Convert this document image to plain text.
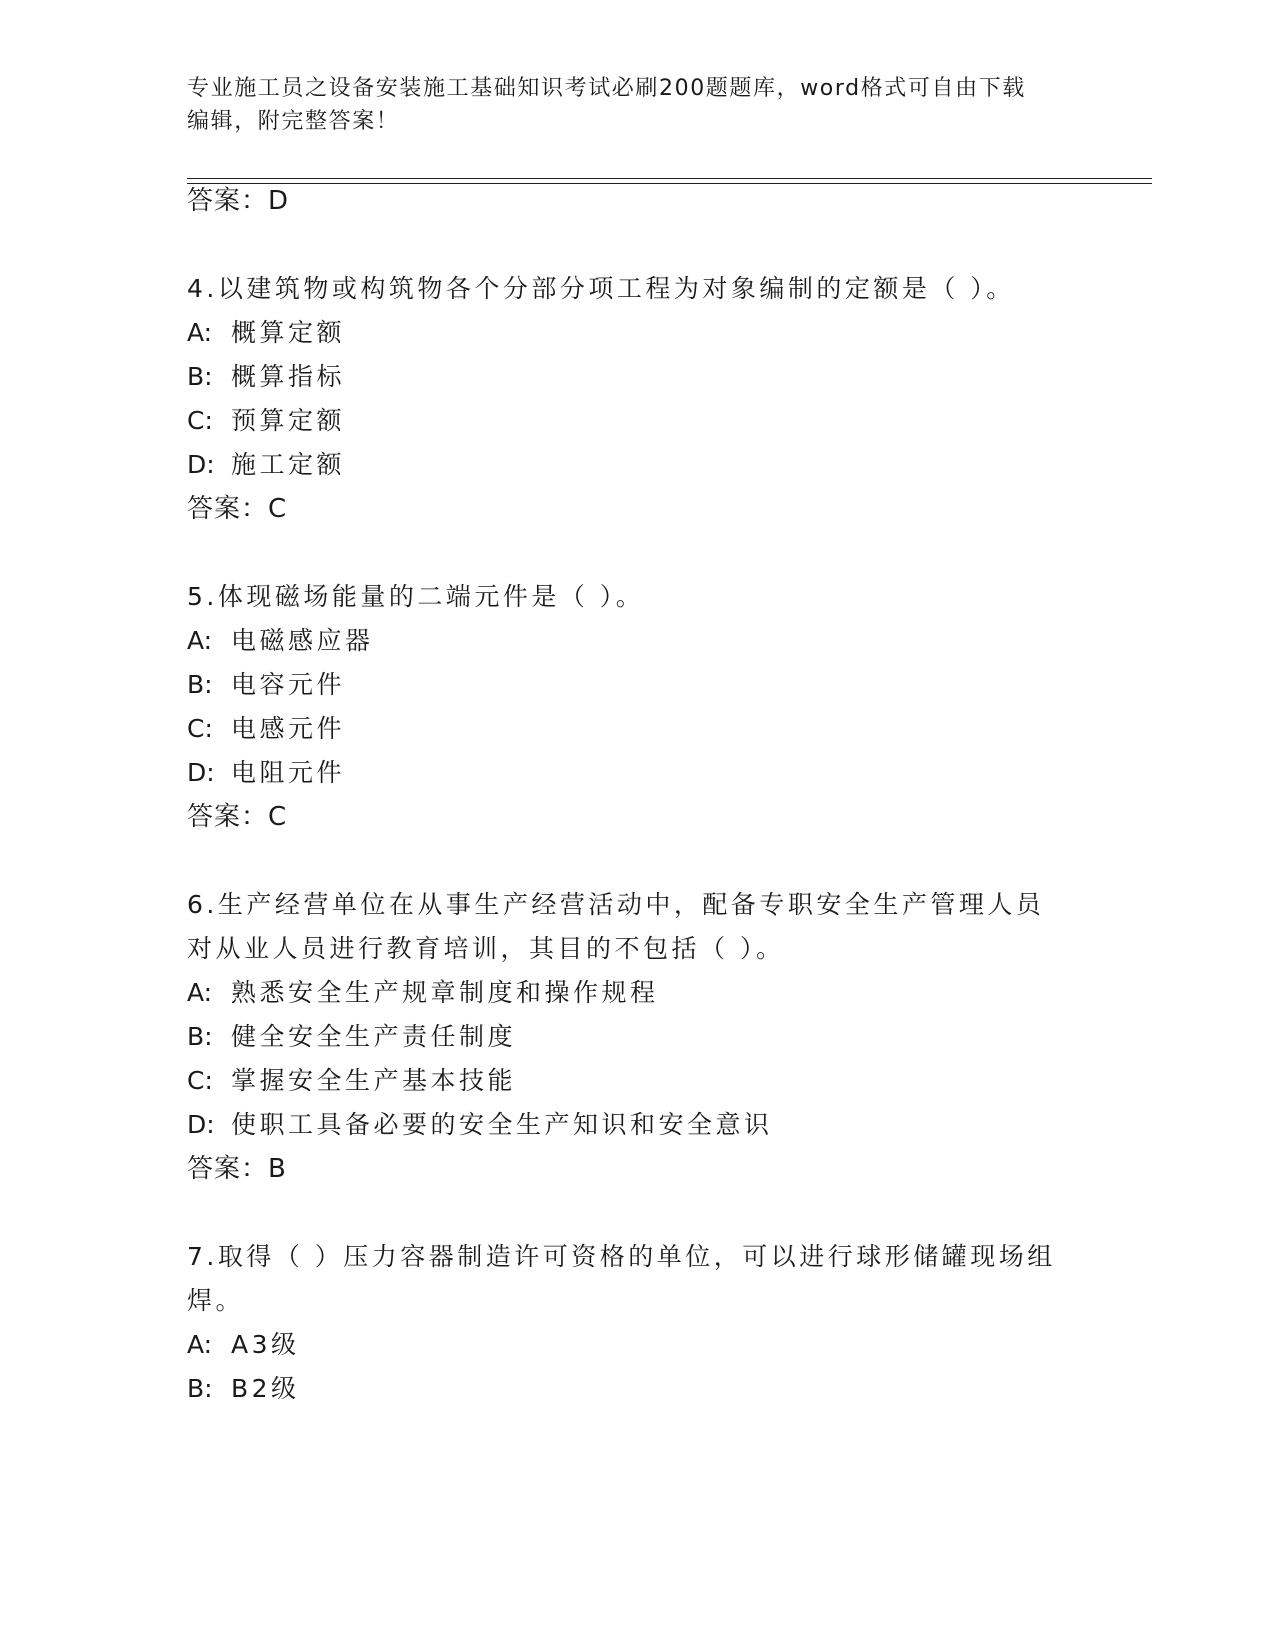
专业施工员之设备安装施工基础知识考试必刷200题题库，word格式可自由下载
编辑，附完整答案！
答案：D
4.以建筑物或构筑物各个分部分项工程为对象编制的定额是（ ）。
A: 概算定额
B: 概算指标
C: 预算定额
D: 施工定额
答案：C
5.体现磁场能量的二端元件是（ ）。
A: 电磁感应器
B: 电容元件
C: 电感元件
D: 电阻元件
答案：C
6.生产经营单位在从事生产经营活动中，配备专职安全生产管理人员
对从业人员进行教育培训，其目的不包括（ ）。
A: 熟悉安全生产规章制度和操作规程
B: 健全安全生产责任制度
C: 掌握安全生产基本技能
D: 使职工具备必要的安全生产知识和安全意识
答案：B
7.取得（ ）压力容器制造许可资格的单位，可以进行球形储罐现场组
焊。
A: A3级
B: B2级
